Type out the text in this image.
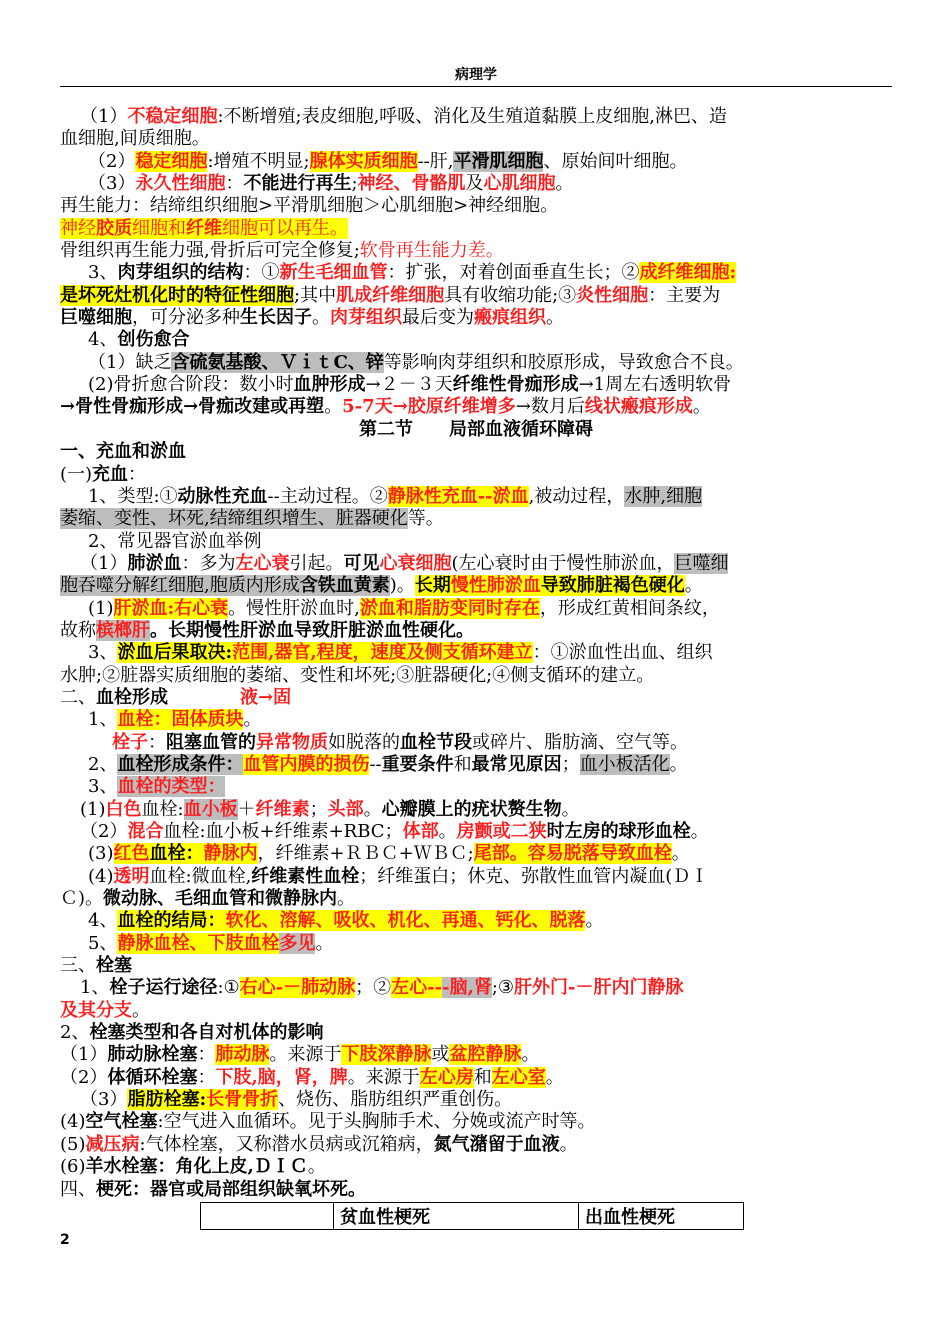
病理学
（1）不稳定细胞:不断增殖;表皮细胞,呼吸、消化及生殖道黏膜上皮细胞,淋巴、造
血细胞,间质细胞。
（2）稳定细胞:增殖不明显;腺体实质细胞--肝,平滑肌细胞、原始间叶细胞。
（3）永久性细胞：不能进行再生;神经、骨骼肌及心肌细胞。
再生能力：结缔组织细胞>平滑肌细胞＞心肌细胞>神经细胞。
神经胶质细胞和纤维细胞可以再生。
骨组织再生能力强,骨折后可完全修复;软骨再生能力差。
3、肉芽组织的结构：①新生毛细血管：扩张，对着创面垂直生长；②成纤维细胞:
是坏死灶机化时的特征性细胞;其中肌成纤维细胞具有收缩功能;③炎性细胞：主要为
巨噬细胞，可分泌多种生长因子。肉芽组织最后变为瘢痕组织。
4、创伤愈合
（1）缺乏含硫氨基酸、ＶｉｔC、锌等影响肉芽组织和胶原形成，导致愈合不良。
(2)骨折愈合阶段：数小时血肿形成→２－３天纤维性骨痂形成→1周左右透明软骨
→骨性骨痂形成→骨痂改建或再塑。5-7天→胶原纤维增多→数月后线状瘢痕形成。
第二节　　局部血液循环障碍
一、充血和淤血
(一)充血：
1、类型:①动脉性充血--主动过程。②静脉性充血--淤血,被动过程，水肿,细胞
萎缩、变性、坏死,结缔组织增生、脏器硬化等。
2、常见器官淤血举例
（1）肺淤血：多为左心衰引起。可见心衰细胞(左心衰时由于慢性肺淤血，巨噬细
胞吞噬分解红细胞,胞质内形成含铁血黄素)。长期慢性肺淤血导致肺脏褐色硬化。
(1)肝淤血:右心衰。慢性肝淤血时,淤血和脂肪变同时存在，形成红黄相间条纹，
故称槟榔肝。长期慢性肝淤血导致肝脏淤血性硬化。
3、淤血后果取决:范围,器官,程度，速度及侧支循环建立：①淤血性出血、组织
水肿;②脏器实质细胞的萎缩、变性和坏死;③脏器硬化;④侧支循环的建立。
二、血栓形成　　　　	液→固
1、血栓：固体质块。
栓子：阻塞血管的异常物质如脱落的血栓节段或碎片、脂肪滴、空气等。
2、血栓形成条件：血管内膜的损伤--重要条件和最常见原因；血小板活化。
3、血栓的类型：
(1)白色血栓:血小板＋纤维素；头部。心瓣膜上的疣状赘生物。
（2）混合血栓:血小板+纤维素+RBC；体部。房颤或二狭时左房的球形血栓。
(3)红色血栓：静脉内，纤维素+ＲＢＣ+ＷＢＣ;尾部。容易脱落导致血栓。
(4)透明血栓:微血栓,纤维素性血栓；纤维蛋白；休克、弥散性血管内凝血(ＤＩ
Ｃ)。微动脉、毛细血管和微静脉内。
4、血栓的结局：软化、溶解、吸收、机化、再通、钙化、脱落。
5、静脉血栓、下肢血栓多见。
三、栓塞
1、栓子运行途径:①右心-－肺动脉；②左心---脑,肾;③肝外门-－肝内门静脉
及其分支。
2、栓塞类型和各自对机体的影响
（1）肺动脉栓塞：肺动脉。来源于下肢深静脉或盆腔静脉。
（2）体循环栓塞：下肢,脑，肾，脾。来源于左心房和左心室。
（3）脂肪栓塞:长骨骨折、烧伤、脂肪组织严重创伤。
(4)空气栓塞:空气进入血循环。见于头胸肺手术、分娩或流产时等。
(5)减压病:气体栓塞，又称潜水员病或沉箱病，氮气潴留于血液。
(6)羊水栓塞：角化上皮,ＤＩＣ。
四、梗死：器官或局部组织缺氧坏死。
	贫血性梗死	出血性梗死
2
